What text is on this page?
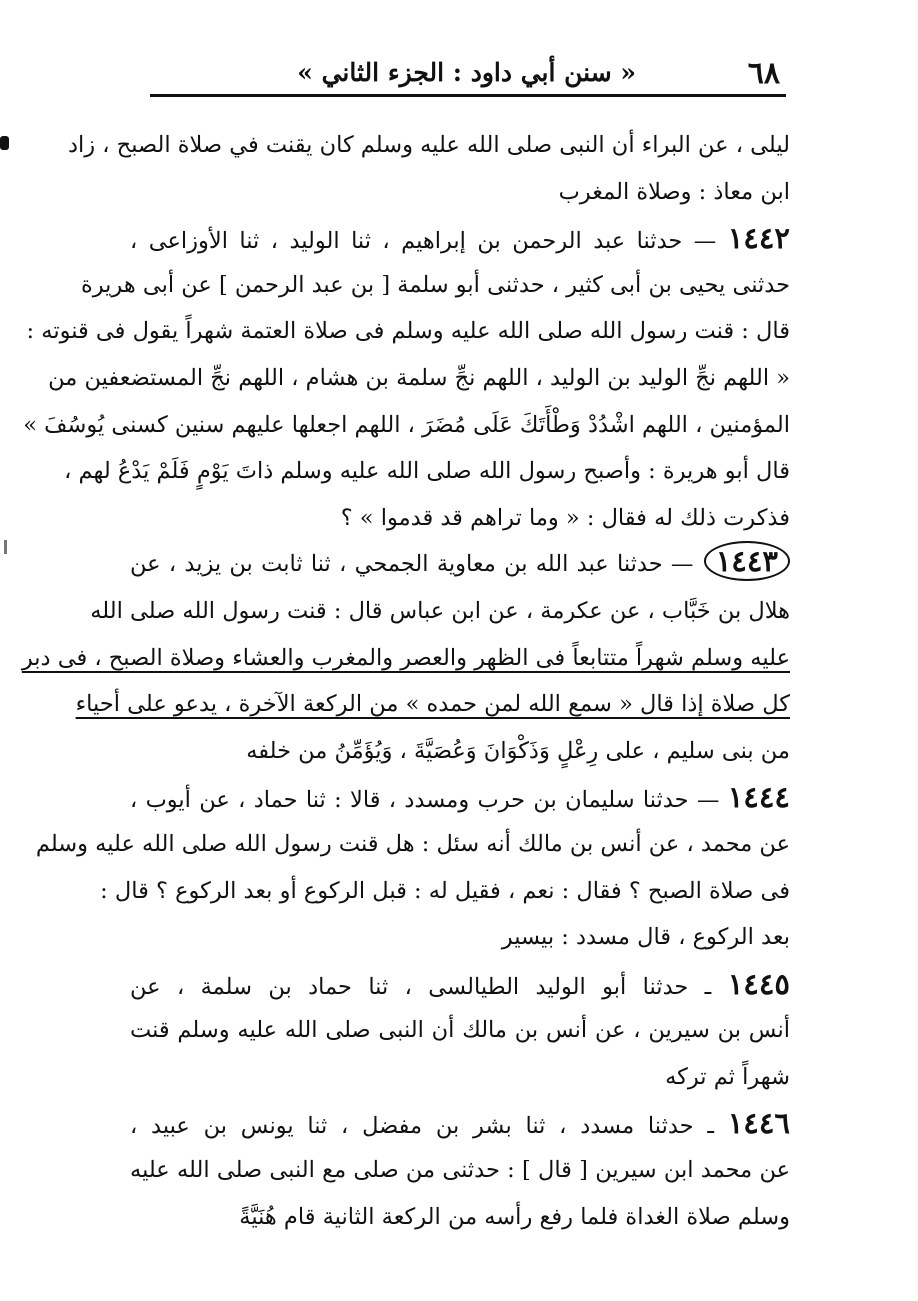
٦٨
« سنن أبي داود : الجزء الثاني »
ليلى ، عن البراء أن النبى صلى الله عليه وسلم كان يقنت في صلاة الصبح ، زاد
ابن معاذ : وصلاة المغرب
١٤٤٢ — حدثنا عبد الرحمن بن إبراهيم ، ثنا الوليد ، ثنا الأوزاعى ،
حدثنى يحيى بن أبى كثير ، حدثنى أبو سلمة [ بن عبد الرحمن ] عن أبى هريرة
قال : قنت رسول الله صلى الله عليه وسلم فى صلاة العتمة شهراً يقول فى قنوته :
« اللهم نجِّ الوليد بن الوليد ، اللهم نجِّ سلمة بن هشام ، اللهم نجِّ المستضعفين من
المؤمنين ، اللهم اشْدُدْ وَطْأَتَكَ عَلَى مُضَرَ ، اللهم اجعلها عليهم سنين كسنى يُوسُفَ »
قال أبو هريرة : وأصبح رسول الله صلى الله عليه وسلم ذاتَ يَوْمٍ فَلَمْ يَدْعُ لهم ،
فذكرت ذلك له فقال : « وما تراهم قد قدموا » ؟
١٤٤٣ — حدثنا عبد الله بن معاوية الجمحي ، ثنا ثابت بن يزيد ، عن
هلال بن خَبَّاب ، عن عكرمة ، عن ابن عباس قال : قنت رسول الله صلى الله
عليه وسلم شهراً متتابعاً فى الظهر والعصر والمغرب والعشاء وصلاة الصبح ، فى دبر
كل صلاة إذا قال « سمع الله لمن حمده » من الركعة الآخرة ، يدعو على أحياء
من بنى سليم ، على رِعْلٍ وَذَكْوَانَ وَعُصَيَّةَ ، وَيُؤَمِّنُ من خلفه
١٤٤٤ — حدثنا سليمان بن حرب ومسدد ، قالا : ثنا حماد ، عن أيوب ،
عن محمد ، عن أنس بن مالك أنه سئل : هل قنت رسول الله صلى الله عليه وسلم
فى صلاة الصبح ؟ فقال : نعم ، فقيل له : قبل الركوع أو بعد الركوع ؟ قال :
بعد الركوع ، قال مسدد : بيسير
١٤٤٥ ـ حدثنا أبو الوليد الطيالسى ، ثنا حماد بن سلمة ، عن
أنس بن سيرين ، عن أنس بن مالك أن النبى صلى الله عليه وسلم قنت
شهراً ثم تركه
١٤٤٦ ـ حدثنا مسدد ، ثنا بشر بن مفضل ، ثنا يونس بن عبيد ،
عن محمد ابن سيرين [ قال ] : حدثنى من صلى مع النبى صلى الله عليه
وسلم صلاة الغداة فلما رفع رأسه من الركعة الثانية قام هُنَيَّةً
